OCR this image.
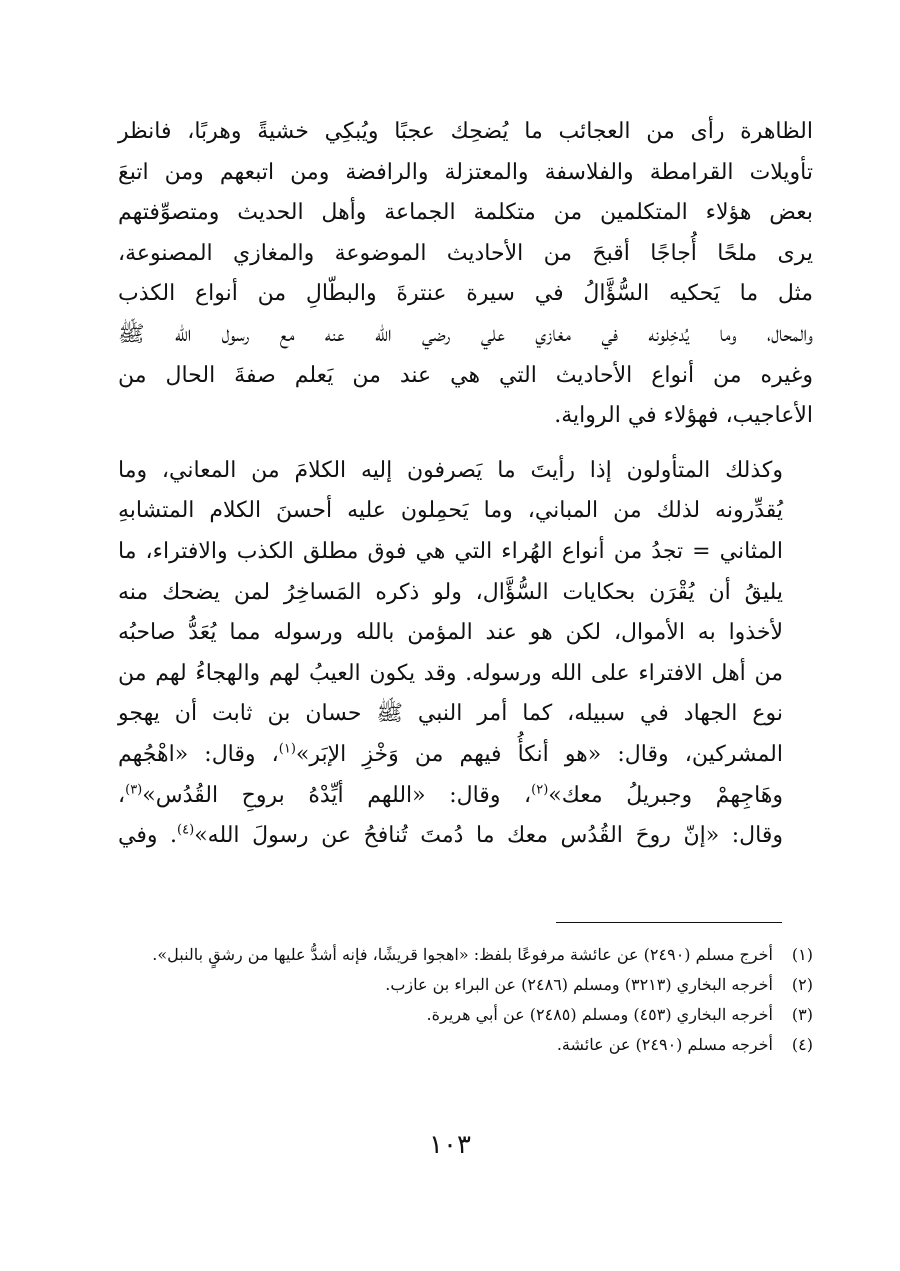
الظاهرة رأى من العجائب ما يُضحِك عجبًا ويُبكِي خشيةً وهربًا، فانظر
تأويلات القرامطة والفلاسفة والمعتزلة والرافضة ومن اتبعهم ومن اتبعَ
بعض هؤلاء المتكلمين من متكلمة الجماعة وأهل الحديث ومتصوِّفتهم
يرى ملحًا أُجاجًا أقبحَ من الأحاديث الموضوعة والمغازي المصنوعة،
مثل ما يَحكيه السُّؤَّالُ في سيرة عنترةَ والبطّالِ من أنواع الكذب
والمحال، وما يُدخِلونه في مغازي علي رضي الله عنه مع رسول الله ﷺ
وغيره من أنواع الأحاديث التي هي عند من يَعلم صفةَ الحال من
الأعاجيب، فهؤلاء في الرواية.

وكذلك المتأولون إذا رأيتَ ما يَصرفون إليه الكلامَ من المعاني، وما
يُقدِّرونه لذلك من المباني، وما يَحمِلون عليه أحسنَ الكلام المتشابهِ
المثاني = تجدُ من أنواع الهُراء التي هي فوق مطلق الكذب والافتراء، ما
يليقُ أن يُقْرَن بحكايات السُّؤَّال، ولو ذكره المَساخِرُ لمن يضحك منه
لأخذوا به الأموال، لكن هو عند المؤمن بالله ورسوله مما يُعَدُّ صاحبُه
من أهل الافتراء على الله ورسوله. وقد يكون العيبُ لهم والهجاءُ لهم من
نوع الجهاد في سبيله، كما أمر النبي ﷺ حسان بن ثابت أن يهجو
المشركين، وقال: «هو أنكأُ فيهم من وَخْزِ الإبَر»$^{(١)}$، وقال: «اهْجُهم
وهَاجِهمْ وجبريلُ معك»$^{(٢)}$، وقال: «اللهم أيِّدْهُ بروحِ القُدُس»$^{(٣)}$،
وقال: «إنّ روحَ القُدُس معك ما دُمتَ تُنافحُ عن رسولَ الله»$^{(٤)}$. وفي

(١)
أخرج مسلم (٢٤٩٠) عن عائشة مرفوعًا بلفظ: «اهجوا قريشًا، فإنه أشدُّ عليها من رشقٍ بالنبل».
(٢)
أخرجه البخاري (٣٢١٣) ومسلم (٢٤٨٦) عن البراء بن عازب.
(٣)
أخرجه البخاري (٤٥٣) ومسلم (٢٤٨٥) عن أبي هريرة.
(٤)
أخرجه مسلم (٢٤٩٠) عن عائشة.
١٠٣
